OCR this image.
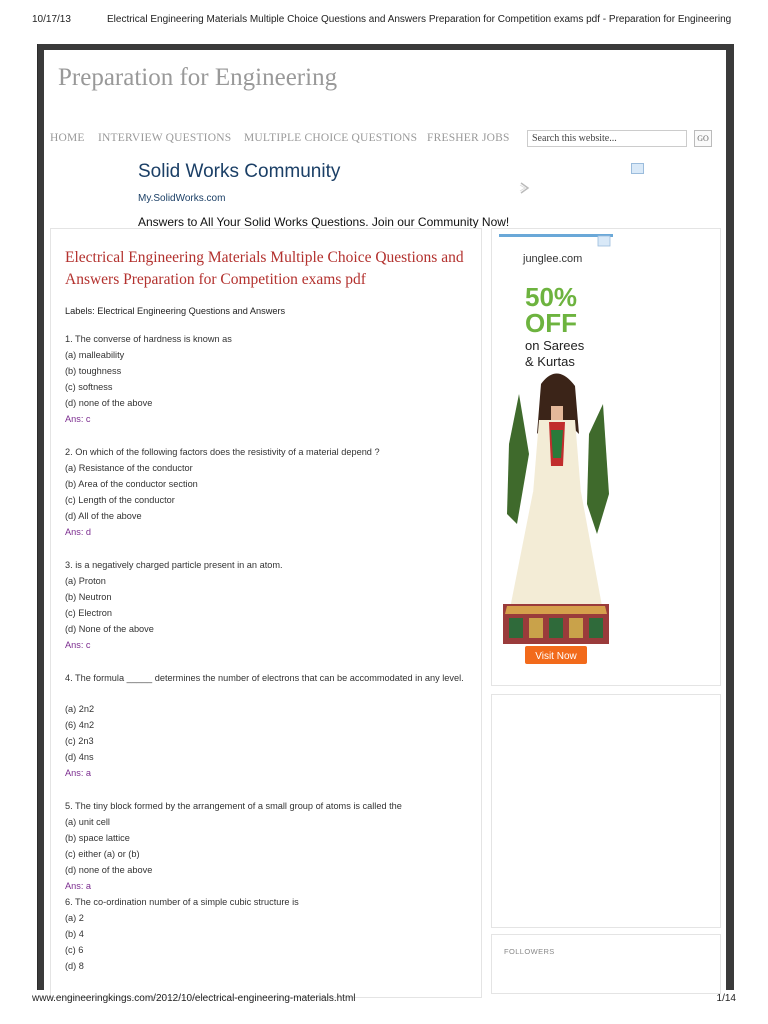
10/17/13	Electrical Engineering Materials Multiple Choice Questions and Answers Preparation for Competition exams pdf - Preparation for Engineering
Preparation for Engineering
HOME INTERVIEW QUESTIONS MULTIPLE CHOICE QUESTIONS FRESHER JOBS	Search this website...	GO
Solid Works Community
My.SolidWorks.com
Answers to All Your Solid Works Questions. Join our Community Now!
Electrical Engineering Materials Multiple Choice Questions and Answers Preparation for Competition exams pdf
Labels: Electrical Engineering Questions and Answers
1. The converse of hardness is known as
(a) malleability
(b) toughness
(c) softness
(d) none of the above
Ans: c
2. On which of the following factors does the resistivity of a material depend ?
(a) Resistance of the conductor
(b) Area of the conductor section
(c) Length of the conductor
(d) All of the above
Ans: d
3. is a negatively charged particle present in an atom.
(a) Proton
(b) Neutron
(c) Electron
(d) None of the above
Ans: c
4. The formula _____ determines the number of electrons that can be accommodated in any level.
(a) 2n2
(6) 4n2
(c) 2n3
(d) 4ns
Ans: a
5. The tiny block formed by the arrangement of a small group of atoms is called the
(a) unit cell
(b) space lattice
(c) either (a) or (b)
(d) none of the above
Ans: a
6. The co-ordination number of a simple cubic structure is
(a) 2
(b) 4
(c) 6
(d) 8
junglee.com
50%
OFF
on Sarees
& Kurtas
Visit Now
FOLLOWERS
www.engineeringkings.com/2012/10/electrical-engineering-materials.html	1/14
